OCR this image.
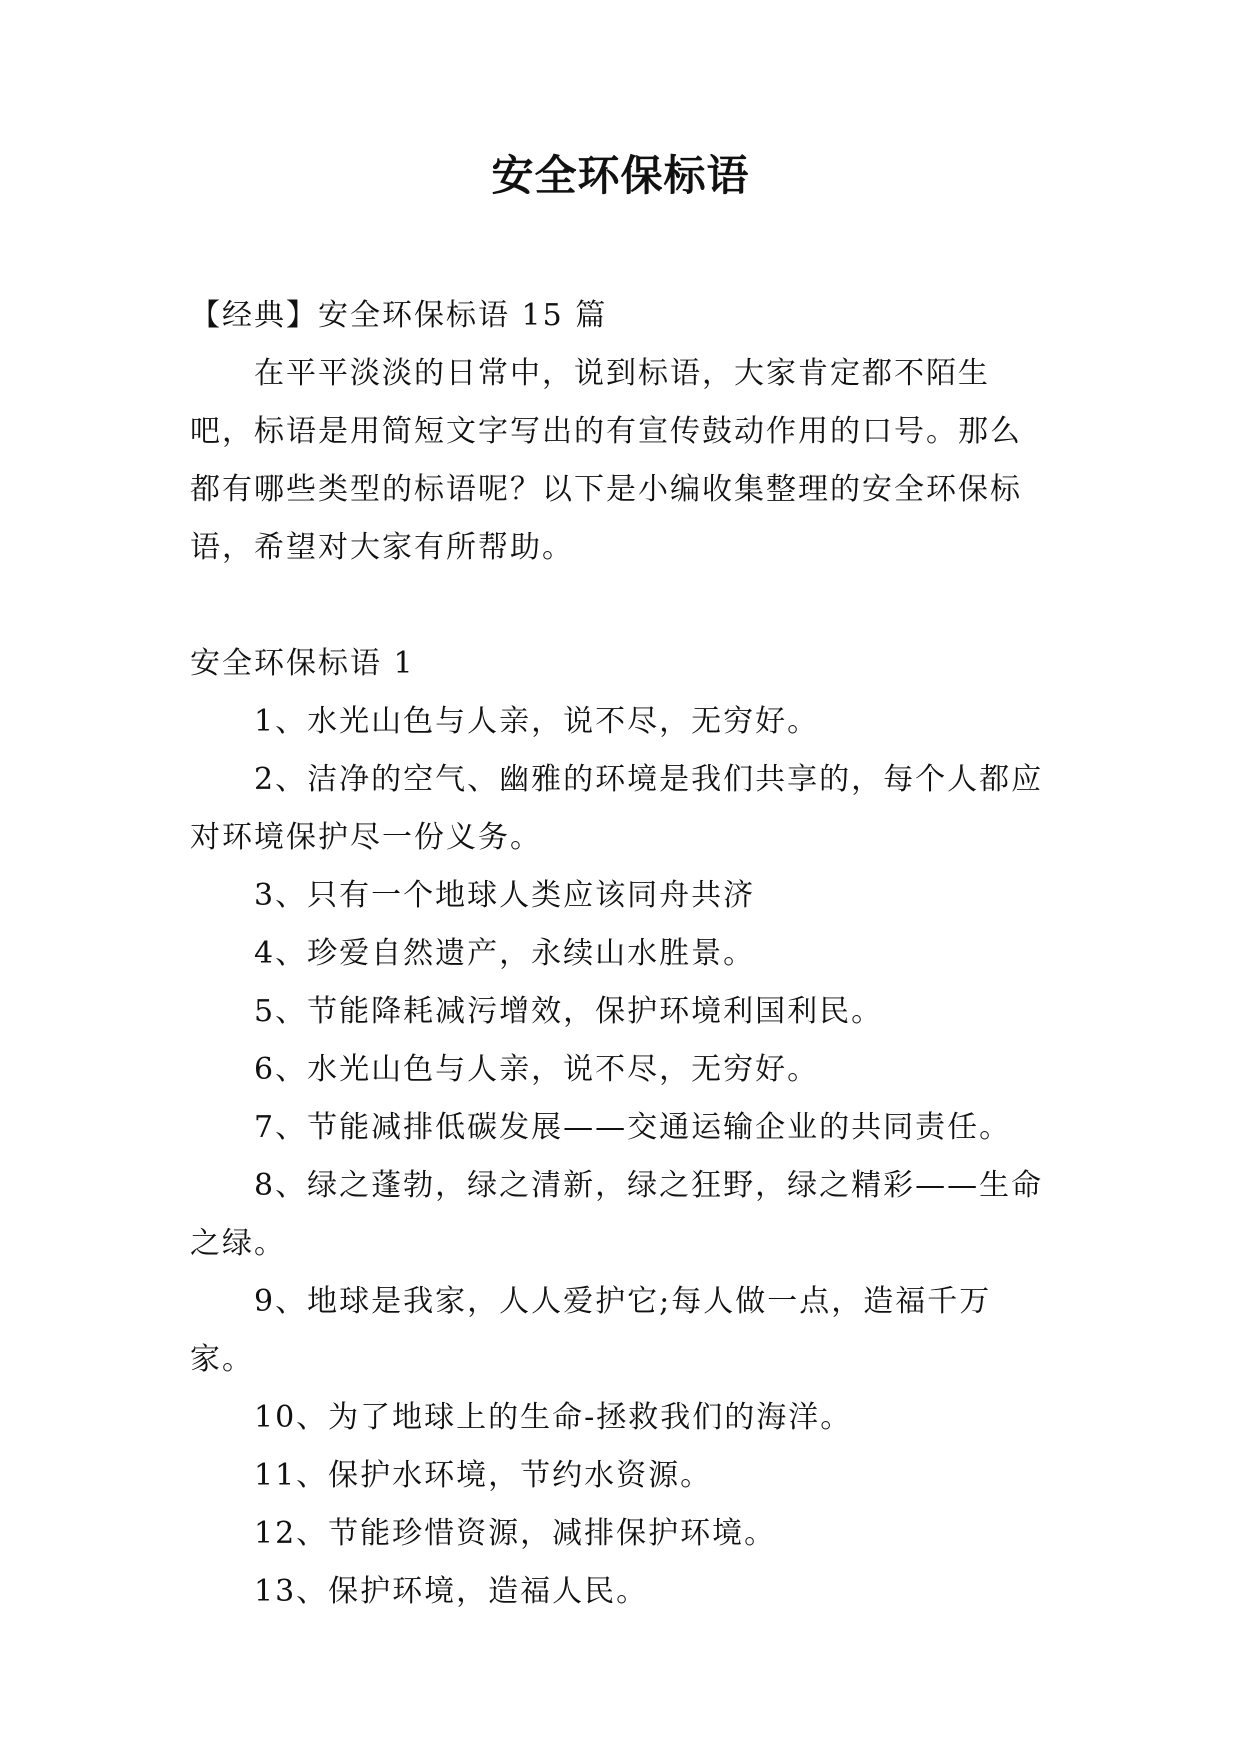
安全环保标语

【经典】安全环保标语 15 篇

在平平淡淡的日常中，说到标语，大家肯定都不陌生吧，标语是用简短文字写出的有宣传鼓动作用的口号。那么都有哪些类型的标语呢？以下是小编收集整理的安全环保标语，希望对大家有所帮助。

安全环保标语 1

1、水光山色与人亲，说不尽，无穷好。

2、洁净的空气、幽雅的环境是我们共享的，每个人都应对环境保护尽一份义务。

3、只有一个地球人类应该同舟共济

4、珍爱自然遗产，永续山水胜景。

5、节能降耗减污增效，保护环境利国利民。

6、水光山色与人亲，说不尽，无穷好。

7、节能减排低碳发展——交通运输企业的共同责任。

8、绿之蓬勃，绿之清新，绿之狂野，绿之精彩——生命之绿。

9、地球是我家，人人爱护它;每人做一点，造福千万家。

10、为了地球上的生命-拯救我们的海洋。

11、保护水环境，节约水资源。

12、节能珍惜资源，减排保护环境。

13、保护环境，造福人民。
